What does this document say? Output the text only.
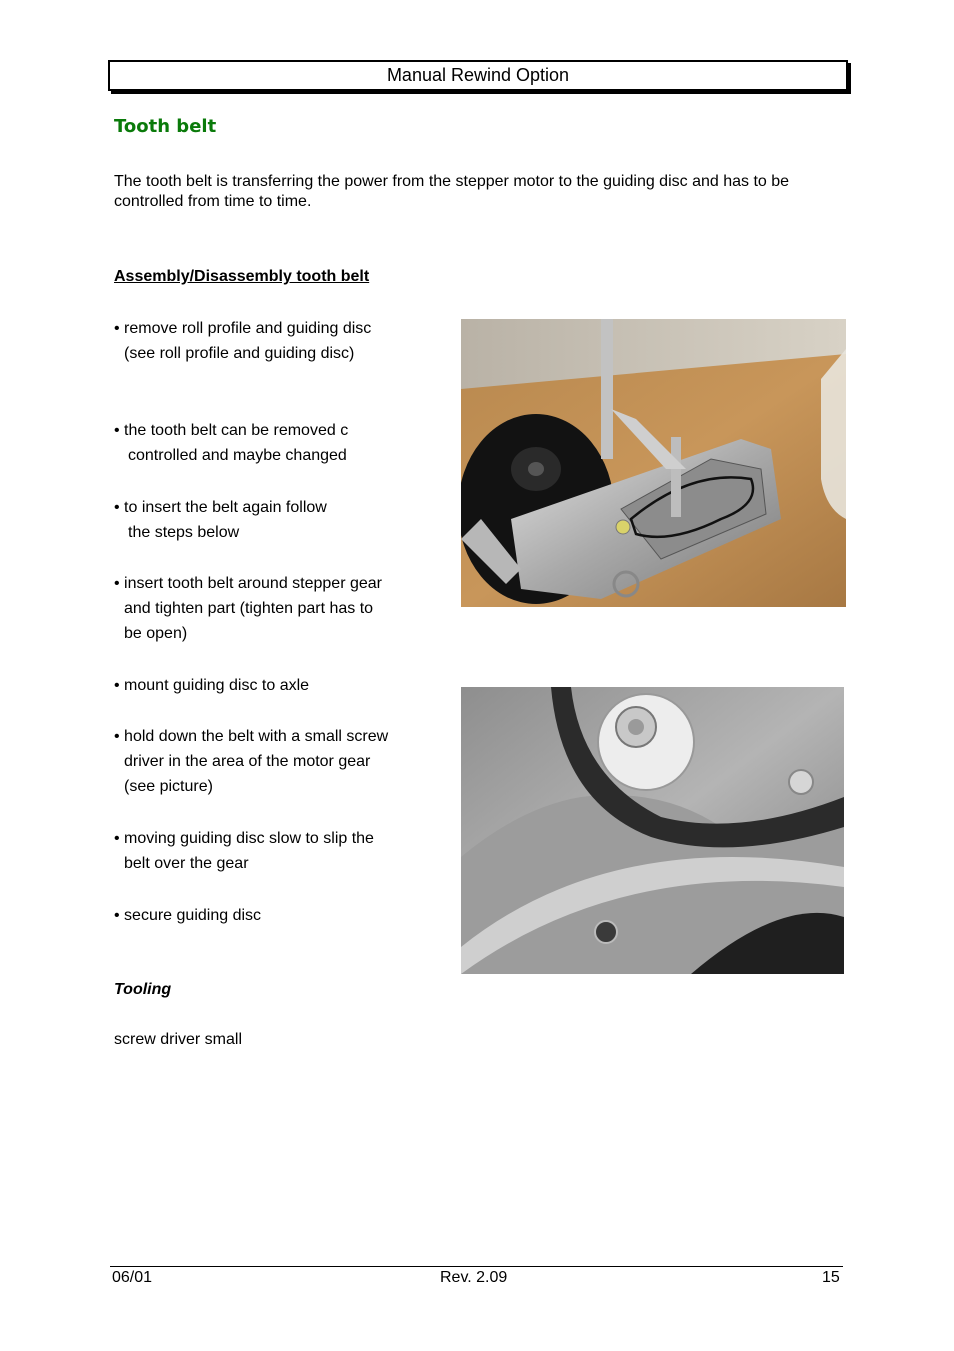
Manual Rewind Option
Tooth belt
The tooth belt is transferring the power from the stepper motor to the guiding disc and has to be controlled from time to time.
Assembly/Disassembly tooth belt
• remove roll profile and guiding disc
(see roll profile and guiding disc)
• the tooth belt can be removed c
controlled and maybe changed
• to insert the belt again follow
the steps below
• insert tooth belt around stepper gear
and tighten part (tighten part has to
be open)
• mount guiding disc to axle
• hold down the belt with a small screw
driver in the area of the motor gear
(see picture)
• moving guiding disc slow to slip the
belt over the gear
• secure guiding disc
Tooling
screw driver small
06/01	Rev. 2.09	15
